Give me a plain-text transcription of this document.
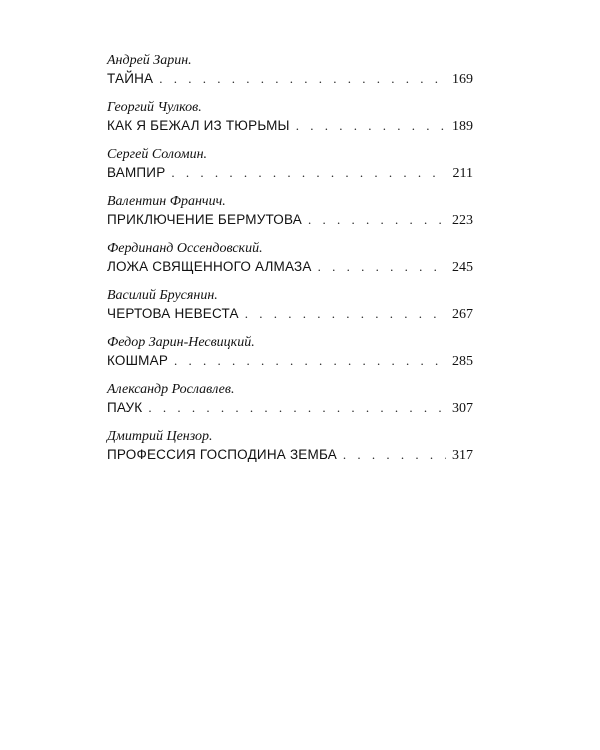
Андрей Зарин.
ТАЙНА . . .	169
Георгий Чулков.
КАК Я БЕЖАЛ ИЗ ТЮРЬМЫ . . .	189
Сергей Соломин.
ВАМПИР . . .	211
Валентин Франчич.
ПРИКЛЮЧЕНИЕ БЕРМУТОВА . . .	223
Фердинанд Оссендовский.
ЛОЖА СВЯЩЕННОГО АЛМАЗА . . .	245
Василий Брусянин.
ЧЕРТОВА НЕВЕСТА . . .	267
Федор Зарин-Несвицкий.
КОШМАР . . .	285
Александр Рославлев.
ПАУК . . .	307
Дмитрий Цензор.
ПРОФЕССИЯ ГОСПОДИНА ЗЕМБА . . .	317
